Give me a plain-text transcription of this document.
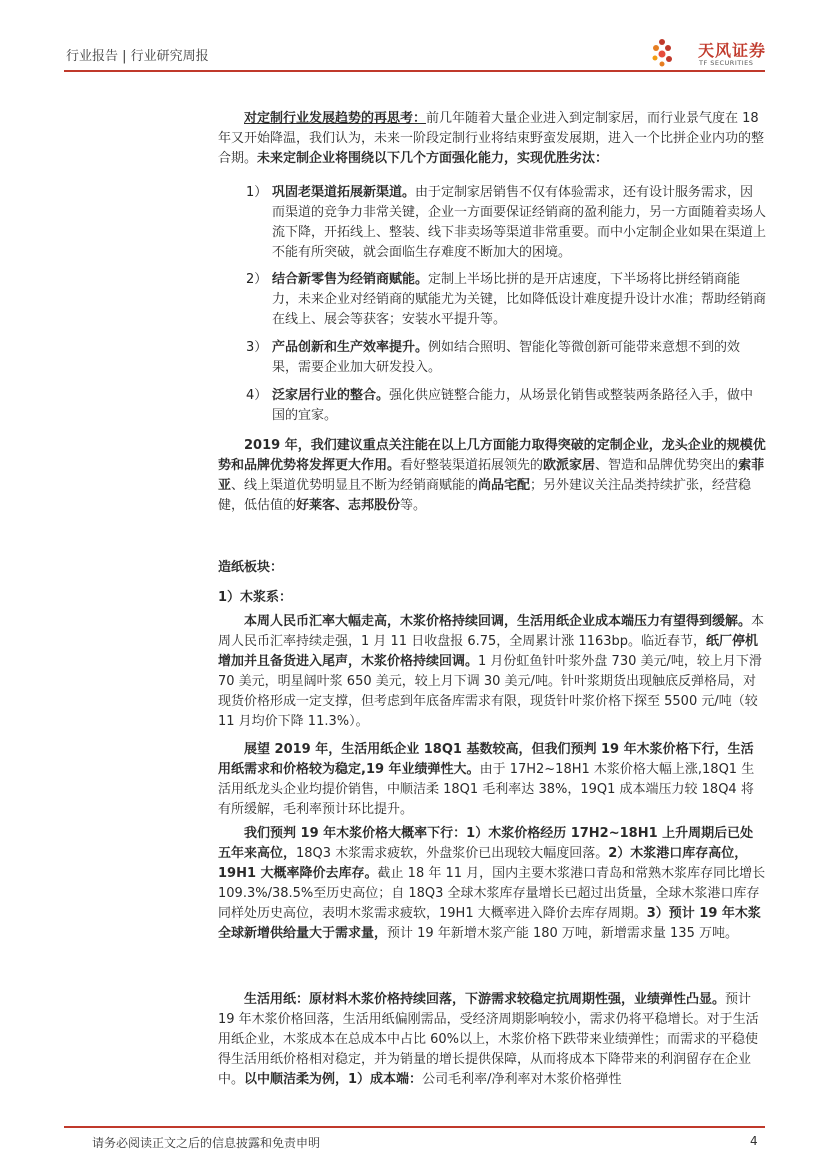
行业报告 | 行业研究周报	天风证券
TF SECURITIES

对定制行业发展趋势的再思考：前几年随着大量企业进入到定制家居，而行业景气度在 18 年又开始降温，我们认为，未来一阶段定制行业将结束野蛮发展期，进入一个比拼企业内功的整合期。未来定制企业将围绕以下几个方面强化能力，实现优胜劣汰：

1） 巩固老渠道拓展新渠道。由于定制家居销售不仅有体验需求，还有设计服务需求，因而渠道的竞争力非常关键，企业一方面要保证经销商的盈利能力，另一方面随着卖场人流下降，开拓线上、整装、线下非卖场等渠道非常重要。而中小定制企业如果在渠道上不能有所突破，就会面临生存难度不断加大的困境。

2） 结合新零售为经销商赋能。定制上半场比拼的是开店速度，下半场将比拼经销商能力，未来企业对经销商的赋能尤为关键，比如降低设计难度提升设计水准；帮助经销商在线上、展会等获客；安装水平提升等。

3） 产品创新和生产效率提升。例如结合照明、智能化等微创新可能带来意想不到的效果，需要企业加大研发投入。

4） 泛家居行业的整合。强化供应链整合能力，从场景化销售或整装两条路径入手，做中国的宜家。

2019 年，我们建议重点关注能在以上几方面能力取得突破的定制企业，龙头企业的规模优势和品牌优势将发挥更大作用。看好整装渠道拓展领先的欧派家居、智造和品牌优势突出的索菲亚、线上渠道优势明显且不断为经销商赋能的尚品宅配；另外建议关注品类持续扩张，经营稳健，低估值的好莱客、志邦股份等。

造纸板块：
1）木浆系：

本周人民币汇率大幅走高，木浆价格持续回调，生活用纸企业成本端压力有望得到缓解。本周人民币汇率持续走强，1 月 11 日收盘报 6.75，全周累计涨 1163bp。临近春节，纸厂停机增加并且备货进入尾声，木浆价格持续回调。1 月份虹鱼针叶浆外盘 730 美元/吨，较上月下滑 70 美元，明星阔叶浆 650 美元，较上月下调 30 美元/吨。针叶浆期货出现触底反弹格局，对现货价格形成一定支撑，但考虑到年底备库需求有限，现货针叶浆价格下探至 5500 元/吨（较 11 月均价下降 11.3%）。

展望 2019 年，生活用纸企业 18Q1 基数较高，但我们预判 19 年木浆价格下行，生活用纸需求和价格较为稳定,19 年业绩弹性大。由于 17H2~18H1 木浆价格大幅上涨,18Q1 生活用纸龙头企业均提价销售，中顺洁柔 18Q1 毛利率达 38%，19Q1 成本端压力较 18Q4 将有所缓解，毛利率预计环比提升。

我们预判 19 年木浆价格大概率下行：1）木浆价格经历 17H2~18H1 上升周期后已处五年来高位，18Q3 木浆需求疲软，外盘浆价已出现较大幅度回落。2）木浆港口库存高位，19H1 大概率降价去库存。截止 18 年 11 月，国内主要木浆港口青岛和常熟木浆库存同比增长 109.3%/38.5%至历史高位；自 18Q3 全球木浆库存量增长已超过出货量，全球木浆港口库存同样处历史高位，表明木浆需求疲软，19H1 大概率进入降价去库存周期。3）预计 19 年木浆全球新增供给量大于需求量，预计 19 年新增木浆产能 180 万吨，新增需求量 135 万吨。

生活用纸：原材料木浆价格持续回落，下游需求较稳定抗周期性强，业绩弹性凸显。预计 19 年木浆价格回落，生活用纸偏刚需品，受经济周期影响较小，需求仍将平稳增长。对于生活用纸企业，木浆成本在总成本中占比 60%以上，木浆价格下跌带来业绩弹性；而需求的平稳使得生活用纸价格相对稳定，并为销量的增长提供保障，从而将成本下降带来的利润留存在企业中。以中顺洁柔为例，1）成本端：公司毛利率/净利率对木浆价格弹性

请务必阅读正文之后的信息披露和免责申明	4
